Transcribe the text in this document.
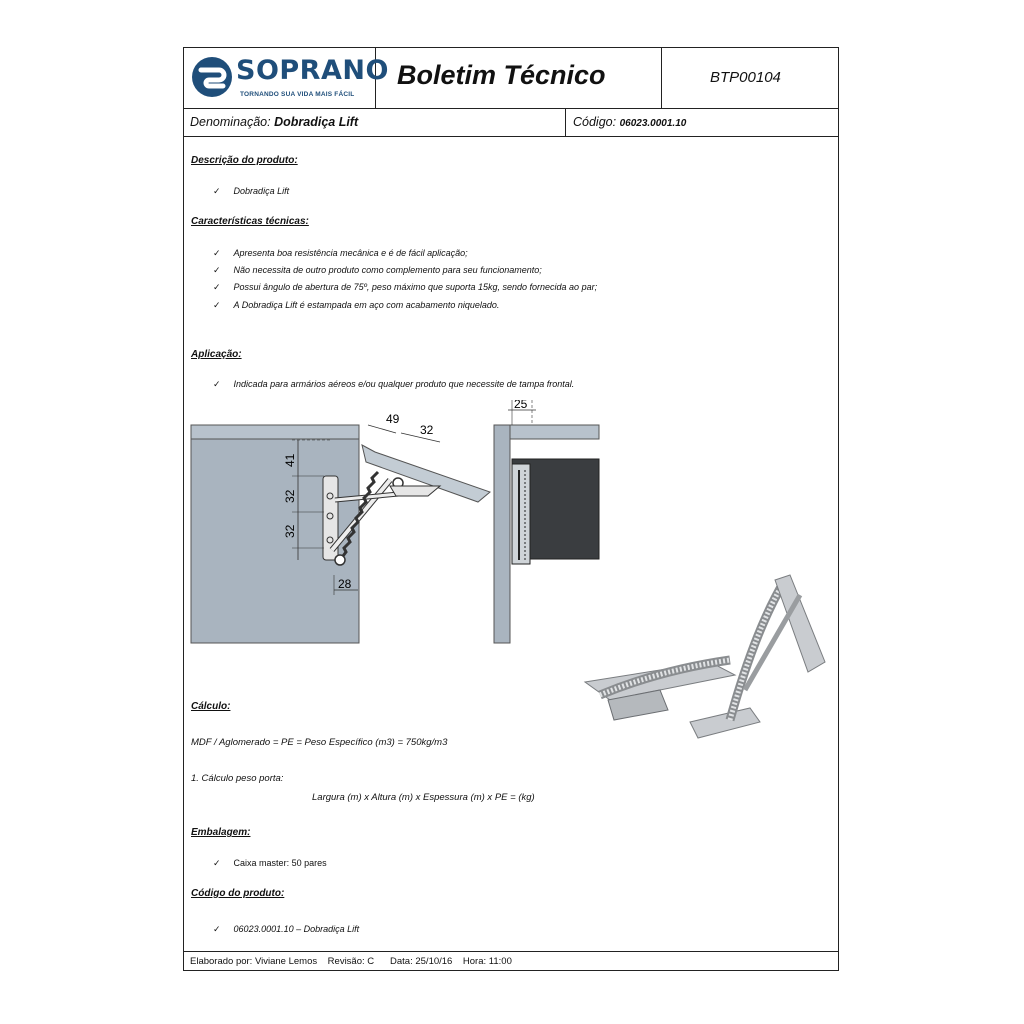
SOPRANO
TORNANDO SUA VIDA MAIS FÁCIL
Boletim Técnico	BTP00104
Denominação: Dobradiça Lift	Código: 06023.0001.10
Descrição do produto:
✓ Dobradiça Lift
Características técnicas:
✓ Apresenta boa resistência mecânica e é de fácil aplicação;
✓ Não necessita de outro produto como complemento para seu funcionamento;
✓ Possui ângulo de abertura de 75º, peso máximo que suporta 15kg, sendo fornecida ao par;
✓ A Dobradiça Lift é estampada em aço com acabamento niquelado.
Aplicação:
✓ Indicada para armários aéreos e/ou qualquer produto que necessite de tampa frontal.
41
32
32
49
32
28
25
Cálculo:
MDF / Aglomerado = PE = Peso Específico (m3) = 750kg/m3
1. Cálculo peso porta:
Largura (m) x Altura (m) x Espessura (m) x PE = (kg)
Embalagem:
✓ Caixa master: 50 pares
Código do produto:
✓ 06023.0001.10 – Dobradiça Lift
Elaborado por: Viviane Lemos Revisão: C Data: 25/10/16 Hora: 11:00
